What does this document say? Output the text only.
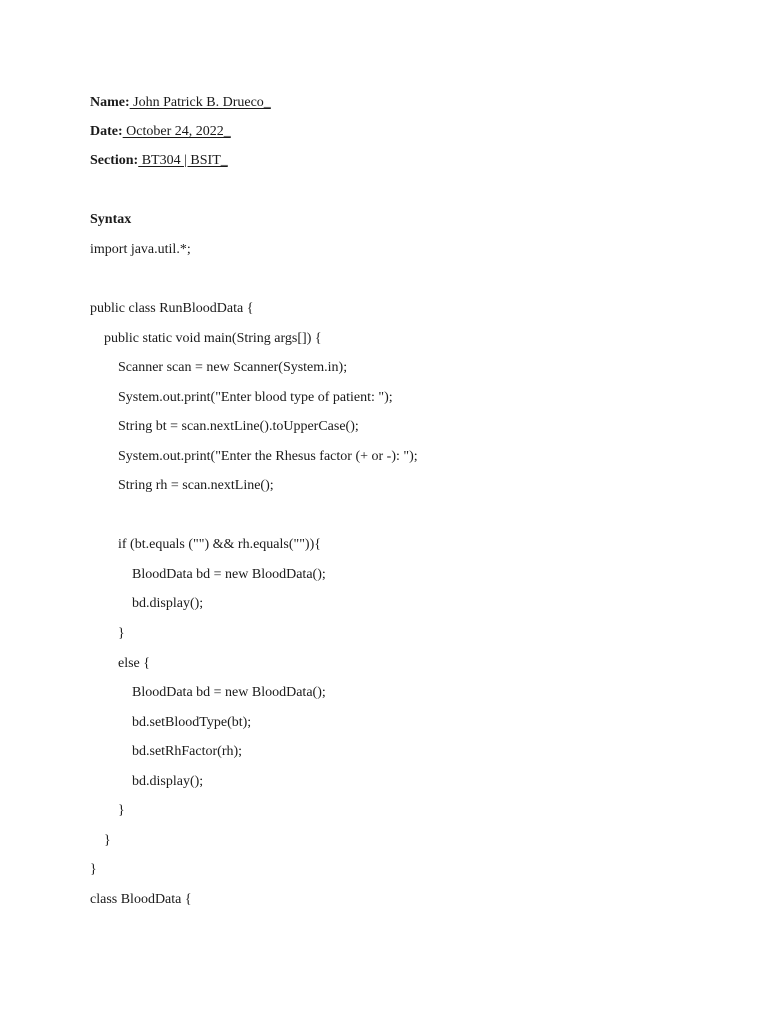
Name: John Patrick B. Drueco_
Date: October 24, 2022_
Section: BT304 | BSIT_
Syntax
import java.util.*;
public class RunBloodData {
public static void main(String args[]) {
Scanner scan = new Scanner(System.in);
System.out.print("Enter blood type of patient: ");
String bt = scan.nextLine().toUpperCase();
System.out.print("Enter the Rhesus factor (+ or -): ");
String rh = scan.nextLine();
if (bt.equals ("") && rh.equals("")){
BloodData bd = new BloodData();
bd.display();
}
else {
BloodData bd = new BloodData();
bd.setBloodType(bt);
bd.setRhFactor(rh);
bd.display();
}
}
}
class BloodData {
